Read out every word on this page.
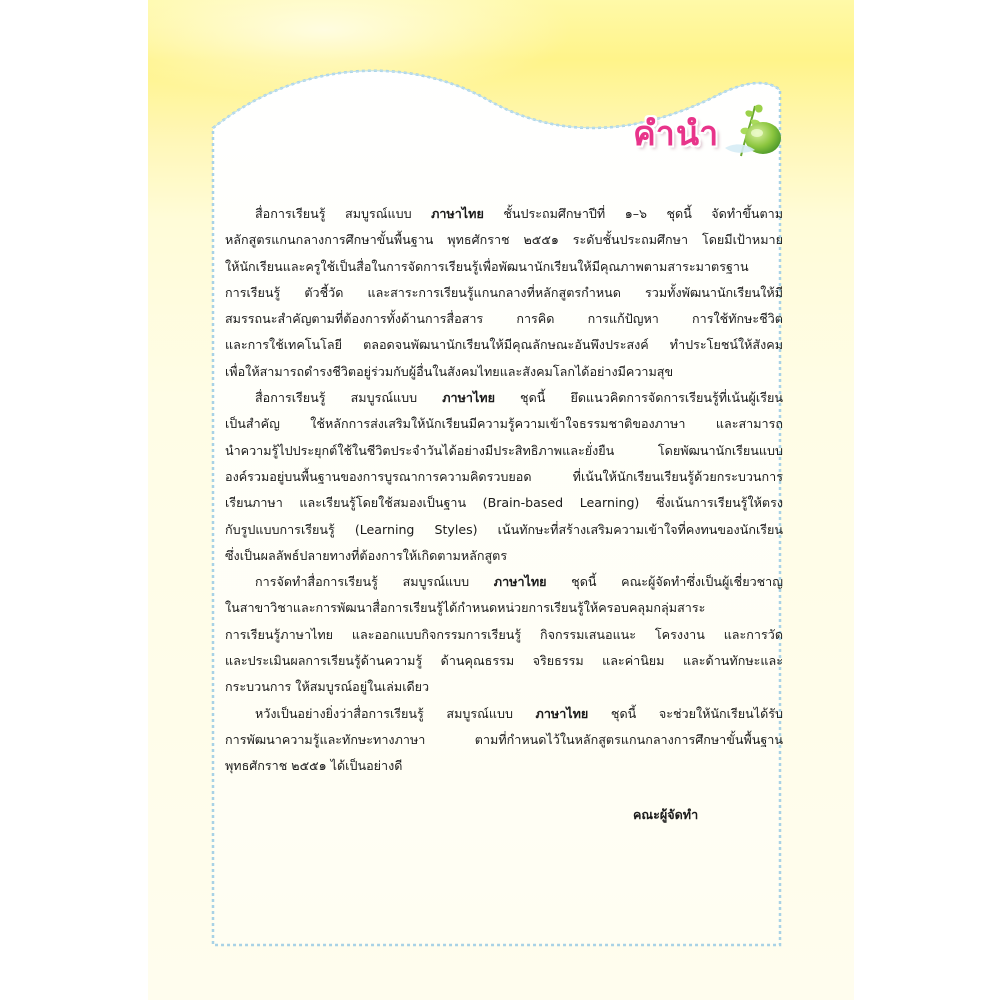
คำนำ
สื่อการเรียนรู้ สมบูรณ์แบบ ภาษาไทย ชั้นประถมศึกษาปีที่ ๑–๖ ชุดนี้ จัดทำขึ้นตาม
หลักสูตรแกนกลางการศึกษาขั้นพื้นฐาน พุทธศักราช ๒๕๕๑ ระดับชั้นประถมศึกษา โดยมีเป้าหมาย
ให้นักเรียนและครูใช้เป็นสื่อในการจัดการเรียนรู้เพื่อพัฒนานักเรียนให้มีคุณภาพตามสาระมาตรฐาน
การเรียนรู้ ตัวชี้วัด และสาระการเรียนรู้แกนกลางที่หลักสูตรกำหนด รวมทั้งพัฒนานักเรียนให้มี
สมรรถนะสำคัญตามที่ต้องการทั้งด้านการสื่อสาร การคิด การแก้ปัญหา การใช้ทักษะชีวิต
และการใช้เทคโนโลยี ตลอดจนพัฒนานักเรียนให้มีคุณลักษณะอันพึงประสงค์ ทำประโยชน์ให้สังคม
เพื่อให้สามารถดำรงชีวิตอยู่ร่วมกับผู้อื่นในสังคมไทยและสังคมโลกได้อย่างมีความสุข
สื่อการเรียนรู้ สมบูรณ์แบบ ภาษาไทย ชุดนี้ ยึดแนวคิดการจัดการเรียนรู้ที่เน้นผู้เรียน
เป็นสำคัญ ใช้หลักการส่งเสริมให้นักเรียนมีความรู้ความเข้าใจธรรมชาติของภาษา และสามารถ
นำความรู้ไปประยุกต์ใช้ในชีวิตประจำวันได้อย่างมีประสิทธิภาพและยั่งยืน โดยพัฒนานักเรียนแบบ
องค์รวมอยู่บนพื้นฐานของการบูรณาการความคิดรวบยอด ที่เน้นให้นักเรียนเรียนรู้ด้วยกระบวนการ
เรียนภาษา และเรียนรู้โดยใช้สมองเป็นฐาน (Brain-based Learning) ซึ่งเน้นการเรียนรู้ให้ตรง
กับรูปแบบการเรียนรู้ (Learning Styles) เน้นทักษะที่สร้างเสริมความเข้าใจที่คงทนของนักเรียน
ซึ่งเป็นผลลัพธ์ปลายทางที่ต้องการให้เกิดตามหลักสูตร
การจัดทำสื่อการเรียนรู้ สมบูรณ์แบบ ภาษาไทย ชุดนี้ คณะผู้จัดทำซึ่งเป็นผู้เชี่ยวชาญ
ในสาขาวิชาและการพัฒนาสื่อการเรียนรู้ได้กำหนดหน่วยการเรียนรู้ให้ครอบคลุมกลุ่มสาระ
การเรียนรู้ภาษาไทย และออกแบบกิจกรรมการเรียนรู้ กิจกรรมเสนอแนะ โครงงาน และการวัด
และประเมินผลการเรียนรู้ด้านความรู้ ด้านคุณธรรม จริยธรรม และค่านิยม และด้านทักษะและ
กระบวนการ ให้สมบูรณ์อยู่ในเล่มเดียว
หวังเป็นอย่างยิ่งว่าสื่อการเรียนรู้ สมบูรณ์แบบ ภาษาไทย ชุดนี้ จะช่วยให้นักเรียนได้รับ
การพัฒนาความรู้และทักษะทางภาษา ตามที่กำหนดไว้ในหลักสูตรแกนกลางการศึกษาขั้นพื้นฐาน
พุทธศักราช ๒๕๕๑ ได้เป็นอย่างดี
คณะผู้จัดทำ
